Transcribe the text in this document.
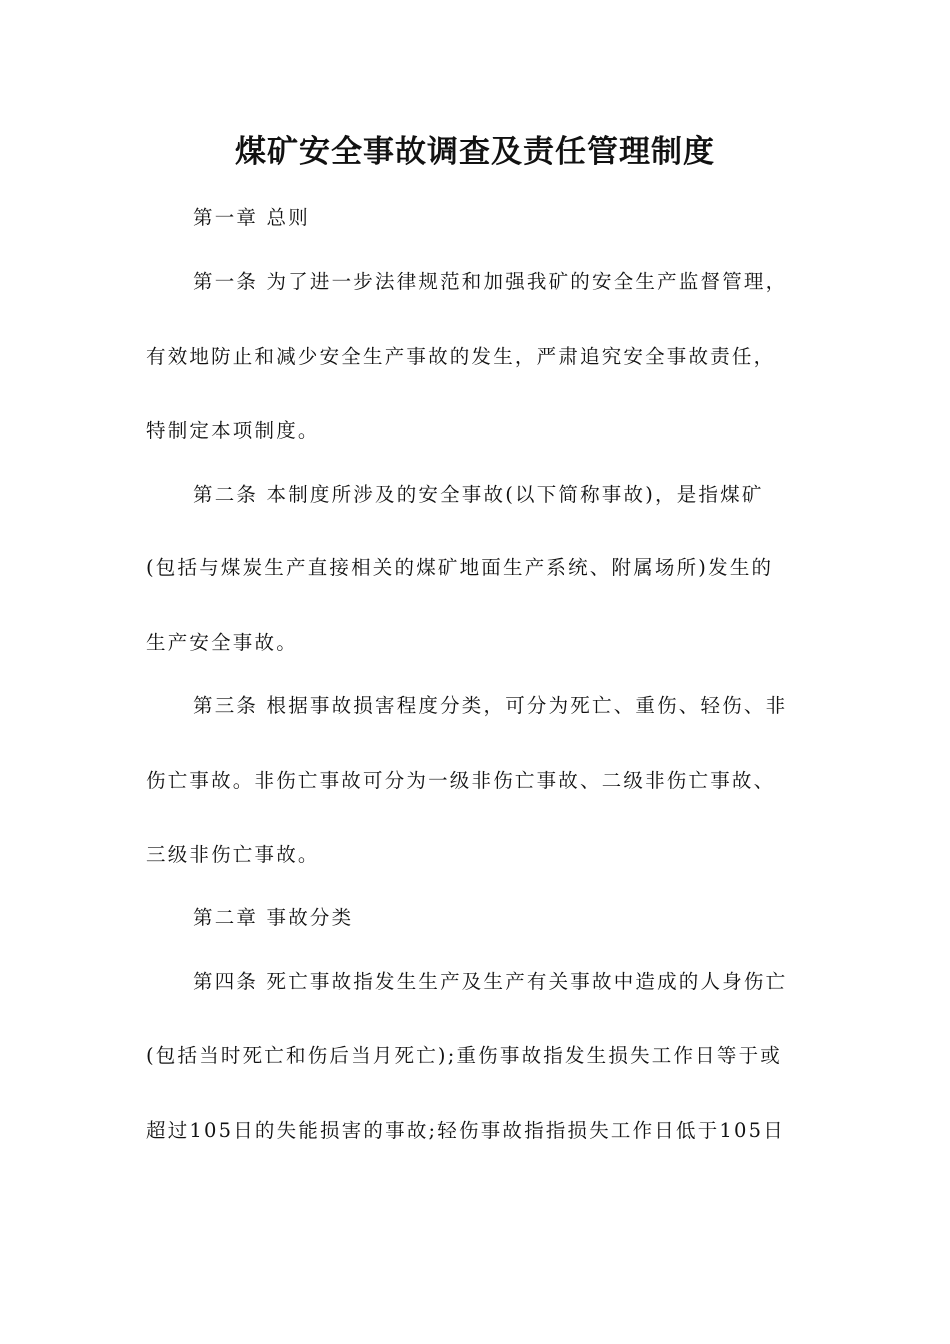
煤矿安全事故调查及责任管理制度
第一章 总则
第一条 为了进一步法律规范和加强我矿的安全生产监督管理，
有效地防止和减少安全生产事故的发生，严肃追究安全事故责任，
特制定本项制度。
第二条 本制度所涉及的安全事故(以下简称事故)，是指煤矿
(包括与煤炭生产直接相关的煤矿地面生产系统、附属场所)发生的
生产安全事故。
第三条 根据事故损害程度分类，可分为死亡、重伤、轻伤、非
伤亡事故。非伤亡事故可分为一级非伤亡事故、二级非伤亡事故、
三级非伤亡事故。
第二章 事故分类
第四条 死亡事故指发生生产及生产有关事故中造成的人身伤亡
(包括当时死亡和伤后当月死亡);重伤事故指发生损失工作日等于或
超过105日的失能损害的事故;轻伤事故指指损失工作日低于105日
